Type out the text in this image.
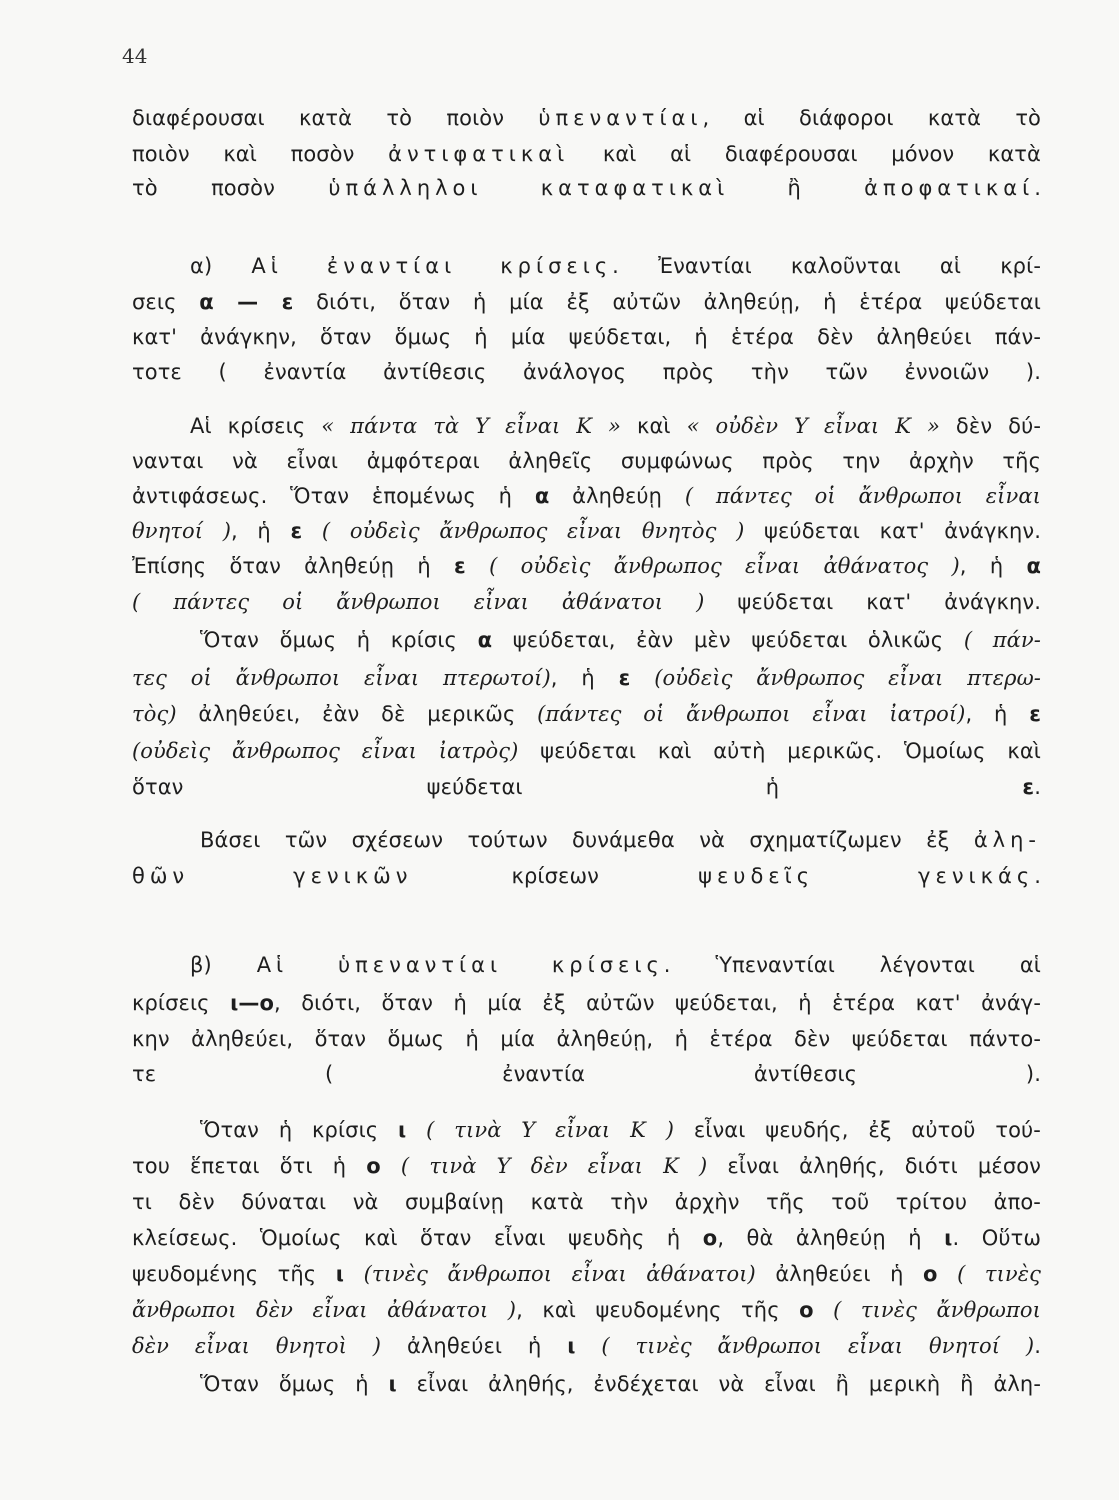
44
διαφέρουσαι κατὰ τὸ ποιὸν ὑπεναντίαι, αἱ διάφοροι κατὰ τὸ
ποιὸν καὶ ποσὸν ἀντιφατικαὶ καὶ αἱ διαφέρουσαι μόνον κατὰ
τὸ ποσὸν ὑπάλληλοι καταφατικαὶ ἢ ἀποφατικαί.
α) Αἱ ἐναντίαι κρίσεις. Ἐναντίαι καλοῦνται αἱ κρί-
σεις α — ε διότι, ὅταν ἡ μία ἐξ αὐτῶν ἀληθεύῃ, ἡ ἑτέρα ψεύδεται
κατ' ἀνάγκην, ὅταν ὅμως ἡ μία ψεύδεται, ἡ ἑτέρα δὲν ἀληθεύει πάν-
τοτε ( ἐναντία ἀντίθεσις ἀνάλογος πρὸς τὴν τῶν ἐννοιῶν ).
Αἱ κρίσεις « πάντα τὰ Υ εἶναι Κ » καὶ « οὐδὲν Υ εἶναι Κ » δὲν δύ-
νανται νὰ εἶναι ἀμφότεραι ἀληθεῖς συμφώνως πρὸς την ἀρχὴν τῆς
ἀντιφάσεως. Ὅταν ἑπομένως ἡ α ἀληθεύῃ ( πάντες οἱ ἄνθρωποι εἶναι
θνητοί ), ἡ ε ( οὐδεὶς ἄνθρωπος εἶναι θνητὸς ) ψεύδεται κατ' ἀνάγκην.
Ἐπίσης ὅταν ἀληθεύῃ ἡ ε ( οὐδεὶς ἄνθρωπος εἶναι ἀθάνατος ), ἡ α
( πάντες οἱ ἄνθρωποι εἶναι ἀθάνατοι ) ψεύδεται κατ' ἀνάγκην.
Ὅταν ὅμως ἡ κρίσις α ψεύδεται, ἐὰν μὲν ψεύδεται ὁλικῶς ( πάν-
τες οἱ ἄνθρωποι εἶναι πτερωτοί), ἡ ε (οὐδεὶς ἄνθρωπος εἶναι πτερω-
τὸς) ἀληθεύει, ἐὰν δὲ μερικῶς (πάντες οἱ ἄνθρωποι εἶναι ἰατροί), ἡ ε
(οὐδεὶς ἄνθρωπος εἶναι ἰατρὸς) ψεύδεται καὶ αὐτὴ μερικῶς. Ὁμοίως καὶ
ὅταν ψεύδεται ἡ ε.
Βάσει τῶν σχέσεων τούτων δυνάμεθα νὰ σχηματίζωμεν ἐξ ἀλη-
θῶν γενικῶν κρίσεων ψευδεῖς γενικάς.
β) Αἱ ὑπεναντίαι κρίσεις. Ὑπεναντίαι λέγονται αἱ
κρίσεις ι—ο, διότι, ὅταν ἡ μία ἐξ αὐτῶν ψεύδεται, ἡ ἑτέρα κατ' ἀνάγ-
κην ἀληθεύει, ὅταν ὅμως ἡ μία ἀληθεύῃ, ἡ ἑτέρα δὲν ψεύδεται πάντο-
τε ( ἐναντία ἀντίθεσις ).
Ὅταν ἡ κρίσις ι ( τινὰ Υ εἶναι Κ ) εἶναι ψευδής, ἐξ αὐτοῦ τού-
του ἕπεται ὅτι ἡ ο ( τινὰ Υ δὲν εἶναι Κ ) εἶναι ἀληθής, διότι μέσον
τι δὲν δύναται νὰ συμβαίνῃ κατὰ τὴν ἀρχὴν τῆς τοῦ τρίτου ἀπο-
κλείσεως. Ὁμοίως καὶ ὅταν εἶναι ψευδὴς ἡ ο, θὰ ἀληθεύῃ ἡ ι. Οὕτω
ψευδομένης τῆς ι (τινὲς ἄνθρωποι εἶναι ἀθάνατοι) ἀληθεύει ἡ ο ( τινὲς
ἄνθρωποι δὲν εἶναι ἀθάνατοι ), καὶ ψευδομένης τῆς ο ( τινὲς ἄνθρωποι
δὲν εἶναι θνητοὶ ) ἀληθεύει ἡ ι ( τινὲς ἄνθρωποι εἶναι θνητοί ).
Ὅταν ὅμως ἡ ι εἶναι ἀληθής, ἐνδέχεται νὰ εἶναι ἢ μερικὴ ἢ ἀλη-
